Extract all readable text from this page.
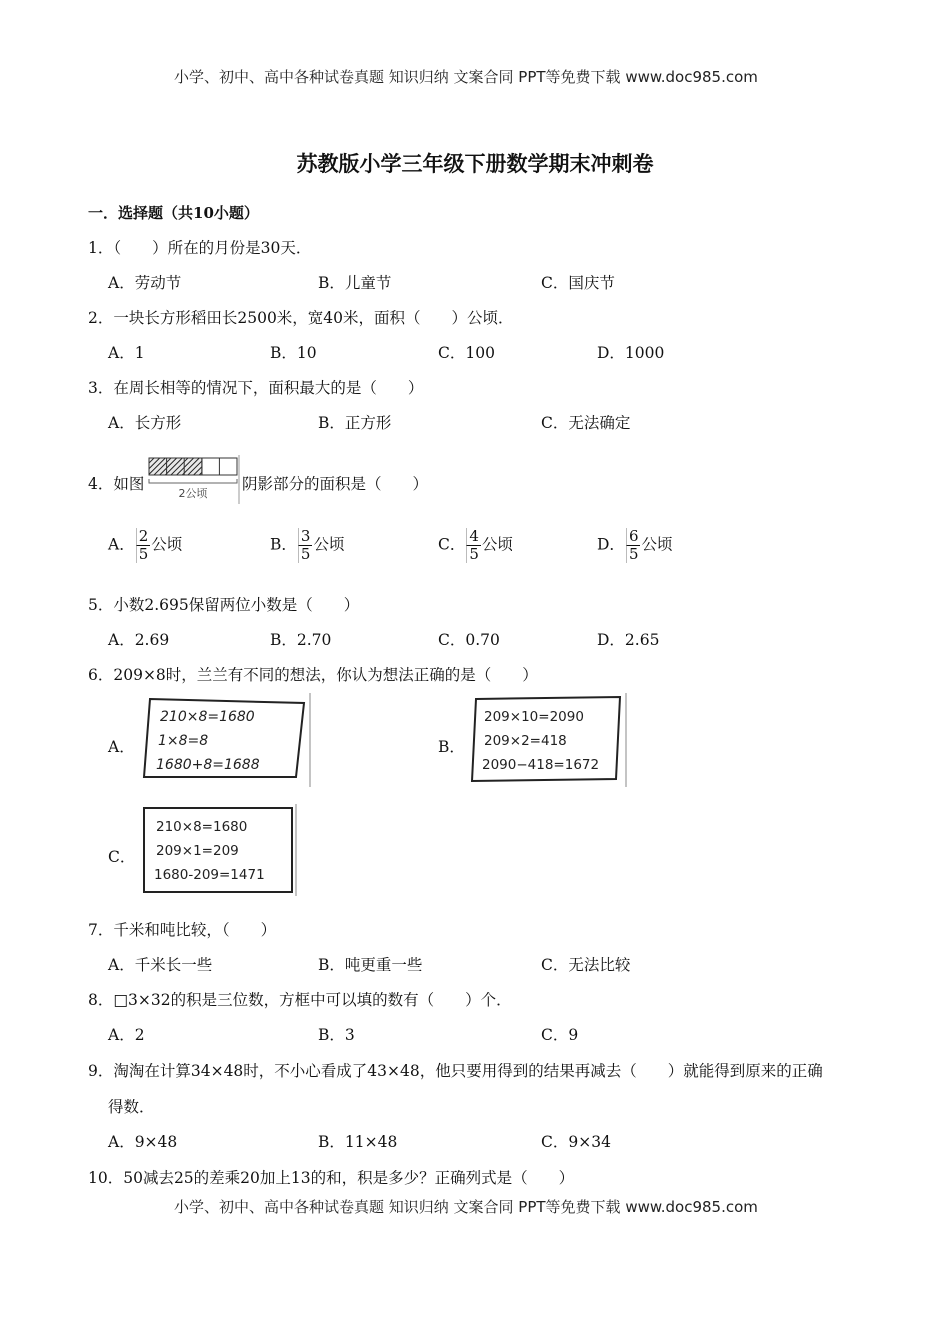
小学、初中、高中各种试卷真题 知识归纳 文案合同 PPT等免费下载 www.doc985.com
苏教版小学三年级下册数学期末冲刺卷
一．选择题（共10小题）
1．（　　）所在的月份是30天．
A．劳动节	B．儿童节	C．国庆节
2．一块长方形稻田长2500米，宽40米，面积（　　）公顷．
A．1	B．10	C．100	D．1000
3．在周长相等的情况下，面积最大的是（　　）
A．长方形	B．正方形	C．无法确定
4．如图
2公顷
阴影部分的面积是（　　）
A． $\frac{2}{5}$ 公顷	B． $\frac{3}{5}$ 公顷	C． $\frac{4}{5}$ 公顷	D． $\frac{6}{5}$ 公顷
5．小数2.695保留两位小数是（　　）
A．2.69	B．2.70	C．0.70	D．2.65
6．209×8时，兰兰有不同的想法，你认为想法正确的是（　　）
A．
210×8=1680
1×8=8
1680+8=1688
B．
209×10=2090
209×2=418
2090−418=1672
C．
210×8=1680
209×1=209
1680-209=1471
7．千米和吨比较，（　　）
A．千米长一些	B．吨更重一些	C．无法比较
8．□3×32的积是三位数，方框中可以填的数有（　　）个．
A．2	B．3	C．9
9．淘淘在计算34×48时，不小心看成了43×48，他只要用得到的结果再减去（　　）就能得到原来的正确
得数．
A．9×48	B．11×48	C．9×34
10．50减去25的差乘20加上13的和，积是多少？正确列式是（　　）
小学、初中、高中各种试卷真题 知识归纳 文案合同 PPT等免费下载 www.doc985.com
